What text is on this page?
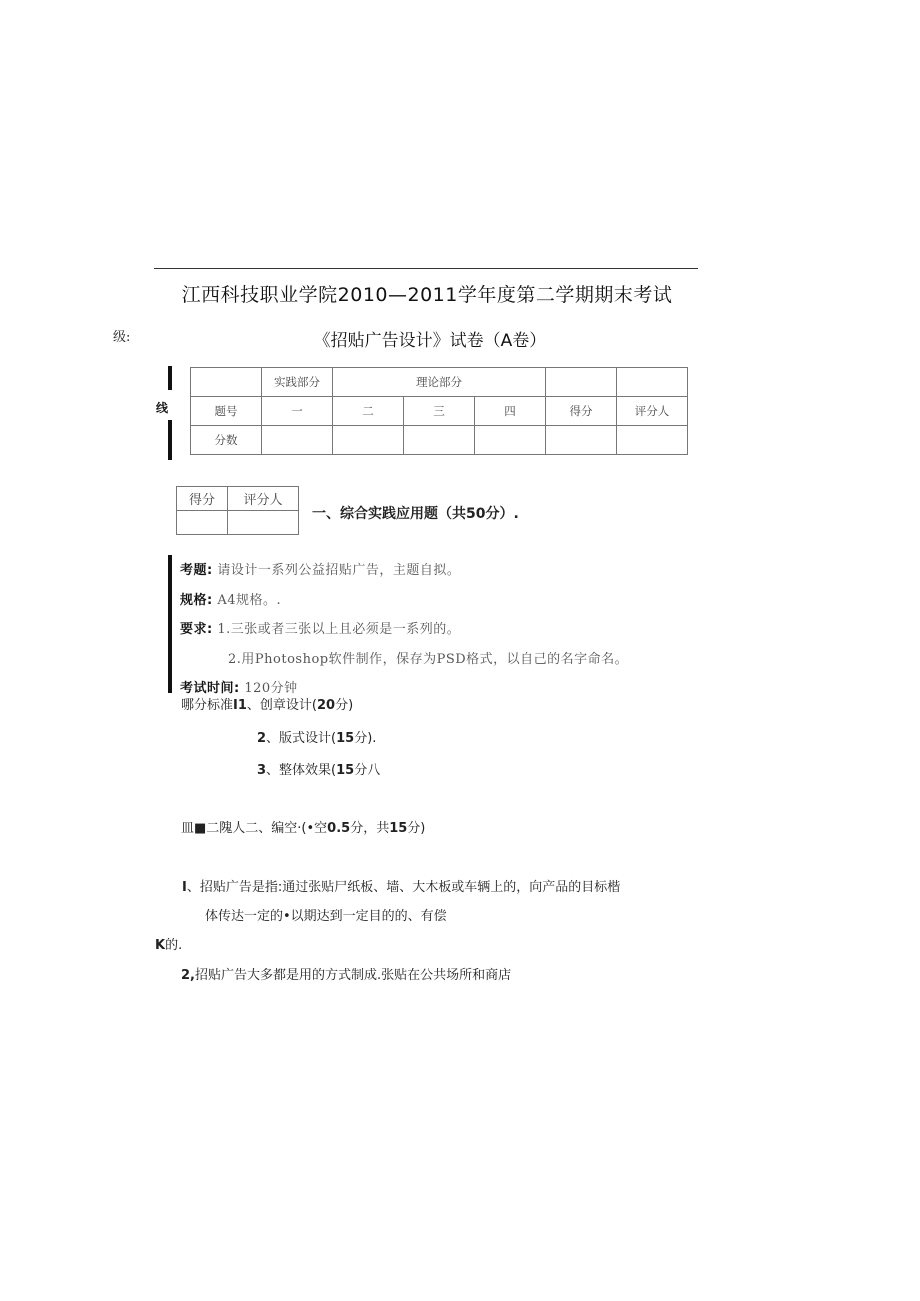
江西科技职业学院2010—2011学年度第二学期期末考试
级:	《招贴广告设计》试卷（A卷）
线
	实践部分	理论部分				
题号	一	二	三	四	得分	评分人
分数						
得分	评分人

一、综合实践应用题（共50分）.
考题: 请设计一系列公益招贴广告，主题自拟。
规格: A4规格。.
要求: 1.三张或者三张以上且必须是一系列的。
2.用Photoshop软件制作，保存为PSD格式，以自己的名字命名。
考试时间: 120分钟
哪分标准I1、创章设计(20分)
2、版式设计(15分).
3、整体效果(15分八
皿■二隗人二、编空·(•空0.5分，共15分)
I、招贴广告是指:通过张贴尸纸板、墙、大木板或车辆上的，向产品的目标楷
体传达一定的•以期达到一定目的的、有偿
K的.
2,招贴广告大多都是用的方式制成.张贴在公共场所和商店
